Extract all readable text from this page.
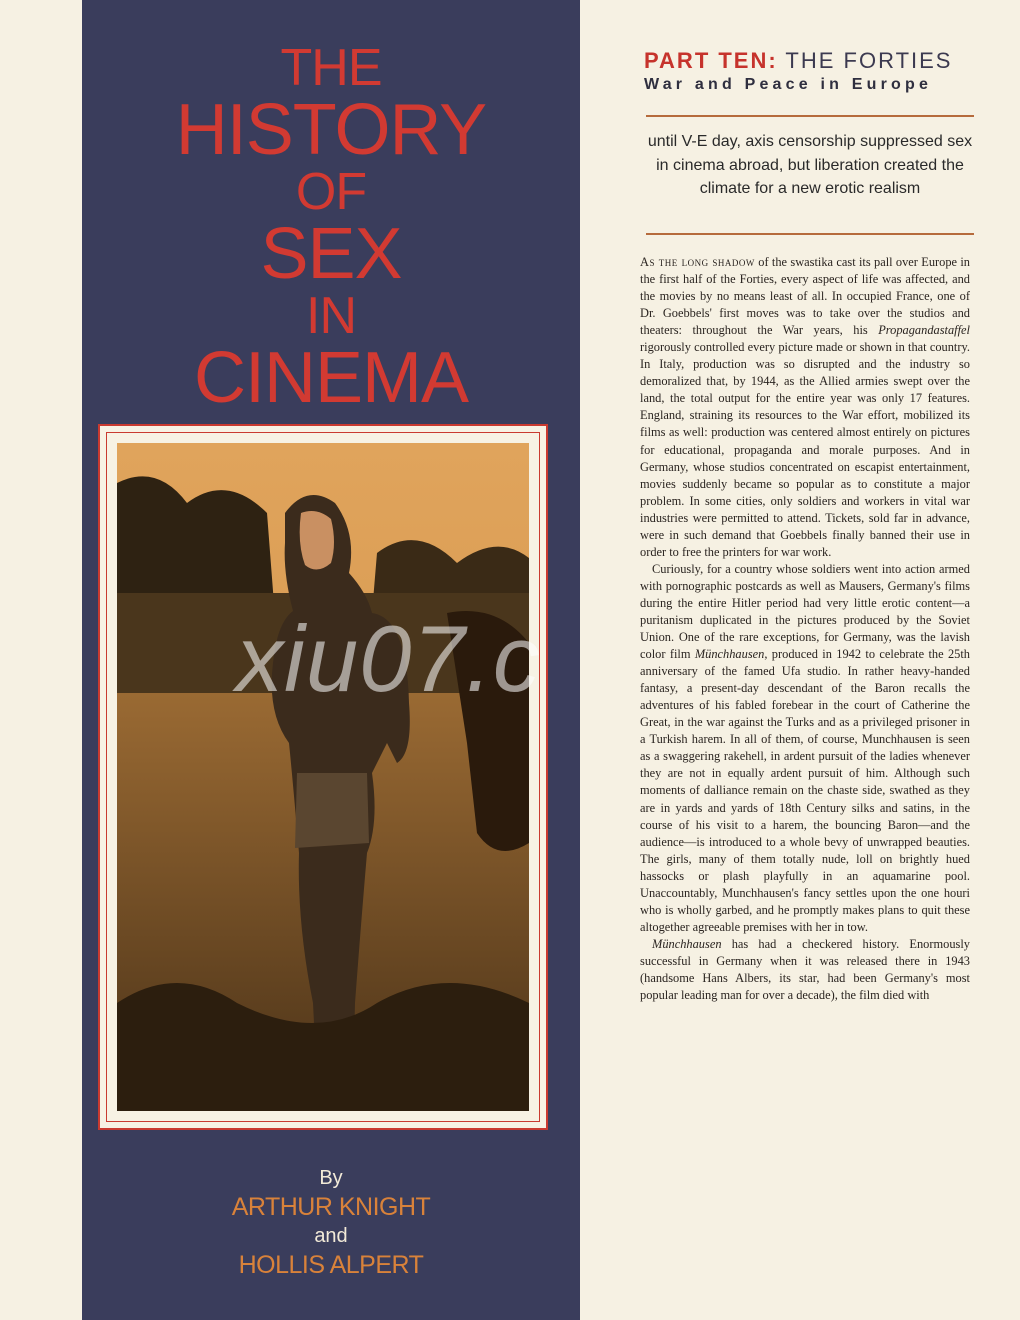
THE
HISTORY
OF
SEX
IN
CINEMA
By
ARTHUR KNIGHT
and
HOLLIS ALPERT
PART TEN: THE FORTIES
War and Peace in Europe
until V-E day, axis censorship suppressed sex in cinema abroad, but liberation created the climate for a new erotic realism

As the long shadow of the swastika cast its pall over Europe in the first half of the Forties, every aspect of life was affected, and the movies by no means least of all. In occupied France, one of Dr. Goebbels' first moves was to take over the studios and theaters: throughout the War years, his Propagandastaffel rigorously controlled every picture made or shown in that country. In Italy, production was so disrupted and the industry so demoralized that, by 1944, as the Allied armies swept over the land, the total output for the entire year was only 17 features. England, straining its resources to the War effort, mobilized its films as well: production was centered almost entirely on pictures for educational, propaganda and morale purposes. And in Germany, whose studios concentrated on escapist entertainment, movies suddenly became so popular as to constitute a major problem. In some cities, only soldiers and workers in vital war industries were permitted to attend. Tickets, sold far in advance, were in such demand that Goebbels finally banned their use in order to free the printers for war work.

Curiously, for a country whose soldiers went into action armed with pornographic postcards as well as Mausers, Germany's films during the entire Hitler period had very little erotic content—a puritanism duplicated in the pictures produced by the Soviet Union. One of the rare exceptions, for Germany, was the lavish color film Münchhausen, produced in 1942 to celebrate the 25th anniversary of the famed Ufa studio. In rather heavy-handed fantasy, a present-day descendant of the Baron recalls the adventures of his fabled forebear in the court of Catherine the Great, in the war against the Turks and as a privileged prisoner in a Turkish harem. In all of them, of course, Munchhausen is seen as a swaggering rakehell, in ardent pursuit of the ladies whenever they are not in equally ardent pursuit of him. Although such moments of dalliance remain on the chaste side, swathed as they are in yards and yards of 18th Century silks and satins, in the course of his visit to a harem, the bouncing Baron—and the audience—is introduced to a whole bevy of unwrapped beauties. The girls, many of them totally nude, loll on brightly hued hassocks or plash playfully in an aquamarine pool. Unaccountably, Munchhausen's fancy settles upon the one houri who is wholly garbed, and he promptly makes plans to quit these altogether agreeable premises with her in tow.

Münchhausen has had a checkered history. Enormously successful in Germany when it was released there in 1943 (handsome Hans Albers, its star, had been Germany's most popular leading man for over a decade), the film died with

xiu07.c
